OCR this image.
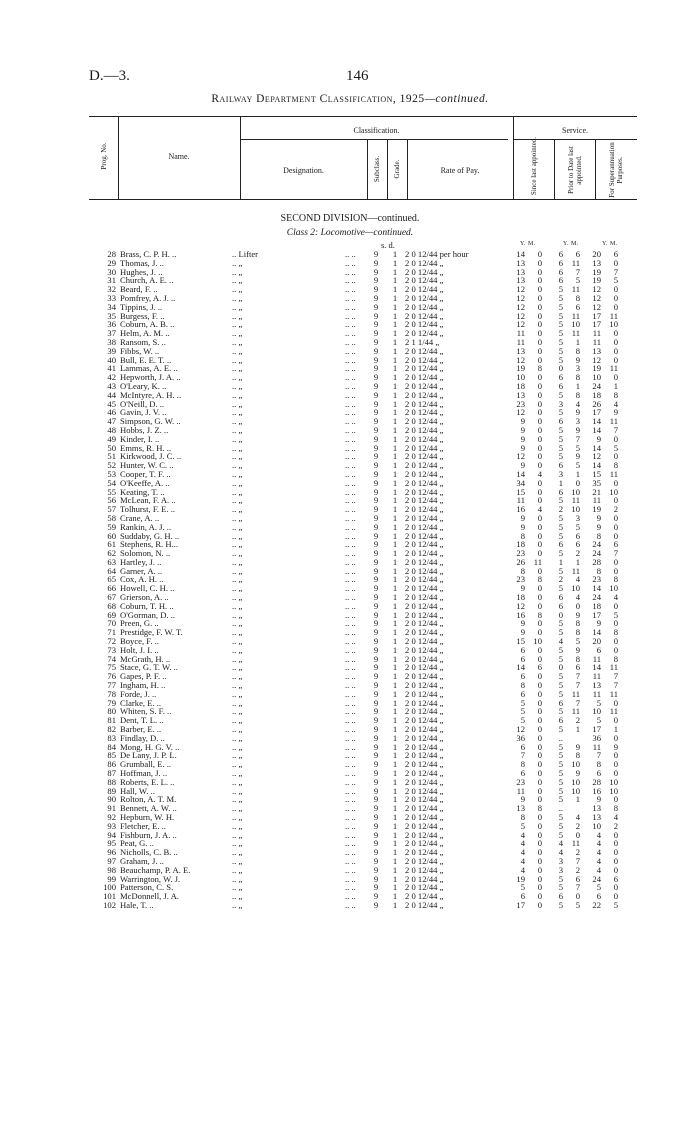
D.—3.	146
Railway Department Classification, 1925—continued.
Prog. No.	Name.
Classification.
Designation.	Subclass. Grade.	Rate of Pay.
Service.
Since last appointed.	Prior to Date last appointed.	For Superannuation Purposes.
SECOND DIVISION—continued.
Class 2: Locomotive—continued.
s. d.	Y. M.	Y. M.	Y. M.
28	Brass, C. P. H. ..	.. Lifter	.. ..	9	1	2 0 12/44 per hour	14	0	6	6	20	6
29	Thomas, J. ..	.. „	.. ..	9	1	2 0 12/44 „	13	0	6	11	13	0
30	Hughes, J. ..	.. „	.. ..	9	1	2 0 12/44 „	13	0	6	7	19	7
31	Church, A. E. ..	.. „	.. ..	9	1	2 0 12/44 „	13	0	6	5	19	5
32	Beard, F. ..	.. „	.. ..	9	1	2 0 12/44 „	12	0	5	11	12	0
33	Pomfrey, A. J. ..	.. „	.. ..	9	1	2 0 12/44 „	12	0	5	8	12	0
34	Tippins, J. ..	.. „	.. ..	9	1	2 0 12/44 „	12	0	5	6	12	0
35	Burgess, F. ..	.. „	.. ..	9	1	2 0 12/44 „	12	0	5	11	17	11
36	Coburn, A. B. ..	.. „	.. ..	9	1	2 0 12/44 „	12	0	5	10	17	10
37	Helm, A. M. ..	.. „	.. ..	9	1	2 0 12/44 „	11	0	5	11	11	0
38	Ransom, S. ..	.. „	.. ..	9	1	2 1 1/44 „	11	0	5	1	11	0
39	Fibbs, W. ..	.. „	.. ..	9	1	2 0 12/44 „	13	0	5	8	13	0
40	Bull, E. E. T. ..	.. „	.. ..	9	1	2 0 12/44 „	12	0	5	9	12	0
41	Lammas, A. E. ..	.. „	.. ..	9	1	2 0 12/44 „	19	8	0	3	19	11
42	Hepworth, J. A. ..	.. „	.. ..	9	1	2 0 12/44 „	10	0	6	8	10	0
43	O'Leary, K. ..	.. „	.. ..	9	1	2 0 12/44 „	18	0	6	1	24	1
44	McIntyre, A. H. ..	.. „	.. ..	9	1	2 0 12/44 „	13	0	5	8	18	8
45	O'Neill, D. ..	.. „	.. ..	9	1	2 0 12/44 „	23	0	3	4	26	4
46	Gavin, J. V. ..	.. „	.. ..	9	1	2 0 12/44 „	12	0	5	9	17	9
47	Simpson, G. W. ..	.. „	.. ..	9	1	2 0 12/44 „	9	0	6	3	14	11
48	Hobbs, J. Z. ..	.. „	.. ..	9	1	2 0 12/44 „	9	0	5	9	14	7
49	Kinder, I. ..	.. „	.. ..	9	1	2 0 12/44 „	9	0	5	7	9	0
50	Emms, R. H. ..	.. „	.. ..	9	1	2 0 12/44 „	9	0	5	5	14	5
51	Kirkwood, J. C. ..	.. „	.. ..	9	1	2 0 12/44 „	12	0	5	9	12	0
52	Hunter, W. C. ..	.. „	.. ..	9	1	2 0 12/44 „	9	0	6	5	14	8
53	Cooper, T. F. ..	.. „	.. ..	9	1	2 0 12/44 „	14	4	3	1	15	11
54	O'Keeffe, A. ..	.. „	.. ..	9	1	2 0 12/44 „	34	0	1	0	35	0
55	Keating, T. ..	.. „	.. ..	9	1	2 0 12/44 „	15	0	6	10	21	10
56	McLean, F. A. ..	.. „	.. ..	9	1	2 0 12/44 „	11	0	5	11	11	0
57	Tolhurst, F. E. ..	.. „	.. ..	9	1	2 0 12/44 „	16	4	2	10	19	2
58	Crane, A. ..	.. „	.. ..	9	1	2 0 12/44 „	9	0	5	3	9	0
59	Rankin, A. J. ..	.. „	.. ..	9	1	2 0 12/44 „	9	0	5	5	9	0
60	Suddaby, G. H. ..	.. „	.. ..	9	1	2 0 12/44 „	8	0	5	6	8	0
61	Stephens, R. H...	.. „	.. ..	9	1	2 0 12/44 „	18	0	6	6	24	6
62	Solomon, N. ..	.. „	.. ..	9	1	2 0 12/44 „	23	0	5	2	24	7
63	Hartley, J. ..	.. „	.. ..	9	1	2 0 12/44 „	26	11	1	1	28	0
64	Garner, A. ..	.. „	.. ..	9	1	2 0 12/44 „	8	0	5	11	8	0
65	Cox, A. H. ..	.. „	.. ..	9	1	2 0 12/44 „	23	8	2	4	23	8
66	Howell, C. H. ..	.. „	.. ..	9	1	2 0 12/44 „	9	0	5	10	14	10
67	Grierson, A. ..	.. „	.. ..	9	1	2 0 12/44 „	18	0	6	4	24	4
68	Coburn, T. H. ..	.. „	.. ..	9	1	2 0 12/44 „	12	0	6	0	18	0
69	O'Gorman, D. ..	.. „	.. ..	9	1	2 0 12/44 „	16	8	0	9	17	5
70	Preen, G. ..	.. „	.. ..	9	1	2 0 12/44 „	9	0	5	8	9	0
71	Prestidge, F. W. T.	.. „	.. ..	9	1	2 0 12/44 „	9	0	5	8	14	8
72	Boyce, F. ..	.. „	.. ..	9	1	2 0 12/44 „	15	10	4	5	20	0
73	Holt, J. I. ..	.. „	.. ..	9	1	2 0 12/44 „	6	0	5	9	6	0
74	McGrath, H. ..	.. „	.. ..	9	1	2 0 12/44 „	6	0	5	8	11	8
75	Stace, G. T. W. ..	.. „	.. ..	9	1	2 0 12/44 „	14	6	0	6	14	11
76	Gapes, P. F. ..	.. „	.. ..	9	1	2 0 12/44 „	6	0	5	7	11	7
77	Ingham, H. ..	.. „	.. ..	9	1	2 0 12/44 „	8	0	5	7	13	7
78	Forde, J. ..	.. „	.. ..	9	1	2 0 12/44 „	6	0	5	11	11	11
79	Clarke, E. ..	.. „	.. ..	9	1	2 0 12/44 „	5	0	6	7	5	0
80	Whiten, S. F. ..	.. „	.. ..	9	1	2 0 12/44 „	5	0	5	11	10	11
81	Dent, T. L. ..	.. „	.. ..	9	1	2 0 12/44 „	5	0	6	2	5	0
82	Barber, E. ..	.. „	.. ..	9	1	2 0 12/44 „	12	0	5	1	17	1
83	Findlay, D. ..	.. „	.. ..	9	1	2 0 12/44 „	36	0	..		36	0
84	Mong, H. G. V. ..	.. „	.. ..	9	1	2 0 12/44 „	6	0	5	9	11	9
85	De Lany, J. P. L.	.. „	.. ..	9	1	2 0 12/44 „	7	0	5	8	7	0
86	Grumball, E. ..	.. „	.. ..	9	1	2 0 12/44 „	8	0	5	10	8	0
87	Hoffman, J. ..	.. „	.. ..	9	1	2 0 12/44 „	6	0	5	9	6	0
88	Roberts, E. L. ..	.. „	.. ..	9	1	2 0 12/44 „	23	0	5	10	28	10
89	Hall, W. ..	.. „	.. ..	9	1	2 0 12/44 „	11	0	5	10	16	10
90	Rolton, A. T. M.	.. „	.. ..	9	1	2 0 12/44 „	9	0	5	1	9	0
91	Bennett, A. W. ..	.. „	.. ..	9	1	2 0 12/44 „	13	8	..		13	8
92	Hepburn, W. H.	.. „	.. ..	9	1	2 0 12/44 „	8	0	5	4	13	4
93	Fletcher, E. ..	.. „	.. ..	9	1	2 0 12/44 „	5	0	5	2	10	2
94	Fishburn, J. A. ..	.. „	.. ..	9	1	2 0 12/44 „	4	0	5	0	4	0
95	Peat, G. ..	.. „	.. ..	9	1	2 0 12/44 „	4	0	4	11	4	0
96	Nicholls, C. B. ..	.. „	.. ..	9	1	2 0 12/44 „	4	0	4	2	4	0
97	Graham, J. ..	.. „	.. ..	9	1	2 0 12/44 „	4	0	3	7	4	0
98	Beauchamp, P. A. E.	.. „	.. ..	9	1	2 0 12/44 „	4	0	3	2	4	0
99	Warrington, W. J.	.. „	.. ..	9	1	2 0 12/44 „	19	0	5	6	24	6
100	Patterson, C. S.	.. „	.. ..	9	1	2 0 12/44 „	5	0	5	7	5	0
101	McDonnell, J. A.	.. „	.. ..	9	1	2 0 12/44 „	6	0	6	0	6	0
102	Hale, T. ..	.. „	.. ..	9	1	2 0 12/44 „	17	0	5	5	22	5
